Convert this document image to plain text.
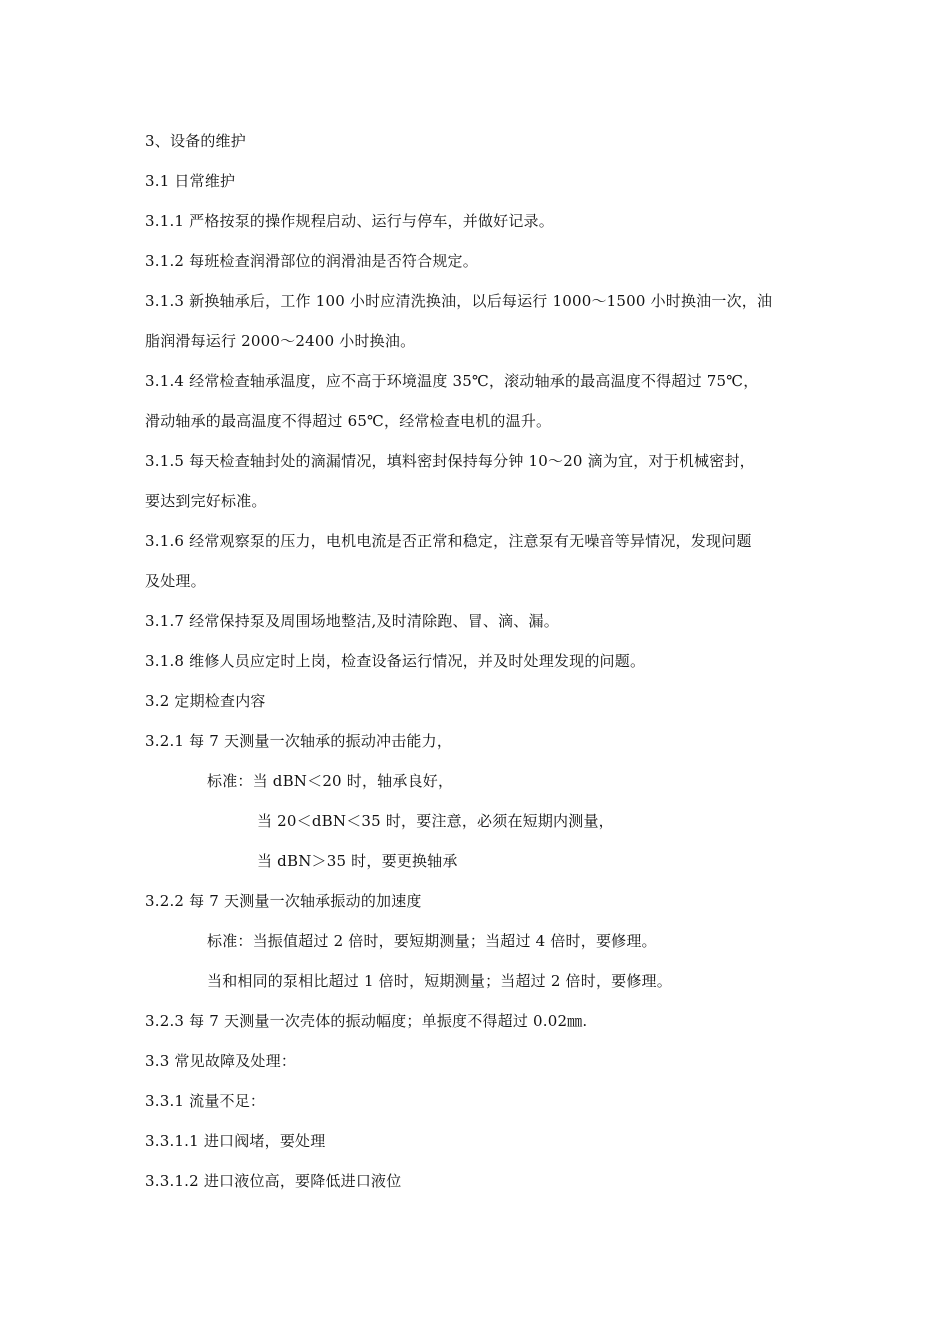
3、设备的维护
3.1 日常维护
3.1.1 严格按泵的操作规程启动、运行与停车，并做好记录。
3.1.2 每班检查润滑部位的润滑油是否符合规定。
3.1.3 新换轴承后，工作 100 小时应清洗换油，以后每运行 1000～1500 小时换油一次，油
脂润滑每运行 2000～2400 小时换油。
3.1.4 经常检查轴承温度，应不高于环境温度 35℃，滚动轴承的最高温度不得超过 75℃，
滑动轴承的最高温度不得超过 65℃，经常检查电机的温升。
3.1.5 每天检查轴封处的滴漏情况，填料密封保持每分钟 10～20 滴为宜，对于机械密封，
要达到完好标准。
3.1.6 经常观察泵的压力，电机电流是否正常和稳定，注意泵有无噪音等异情况，发现问题
及处理。
3.1.7 经常保持泵及周围场地整洁,及时清除跑、冒、滴、漏。
3.1.8 维修人员应定时上岗，检查设备运行情况，并及时处理发现的问题。
3.2 定期检查内容
3.2.1 每 7 天测量一次轴承的振动冲击能力，
标准：当 dBN＜20 时，轴承良好，
当 20＜dBN＜35 时，要注意，必须在短期内测量，
当 dBN＞35 时，要更换轴承
3.2.2 每 7 天测量一次轴承振动的加速度
标准：当振值超过 2 倍时，要短期测量；当超过 4 倍时，要修理。
当和相同的泵相比超过 1 倍时，短期测量；当超过 2 倍时，要修理。
3.2.3 每 7 天测量一次壳体的振动幅度；单振度不得超过 0.02㎜.
3.3 常见故障及处理：
3.3.1 流量不足：
3.3.1.1 进口阀堵，要处理
3.3.1.2 进口液位高，要降低进口液位
